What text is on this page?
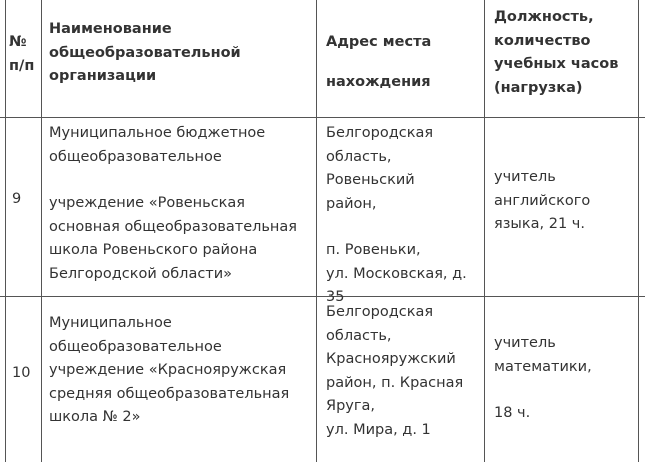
№
п/п
Наименование
общеобразовательной
организации
Адрес места
нахождения
Должность,
количество
учебных часов
(нагрузка)
9
Муниципальное бюджетное
общеобразовательное
учреждение «Ровеньская
основная общеобразовательная
школа Ровеньского района
Белгородской области»
Белгородская
область, Ровеньский
район,
п. Ровеньки,
ул. Московская, д.
35
учитель
английского
языка, 21 ч.
10
Муниципальное
общеобразовательное
учреждение «Краснояружская
средняя общеобразовательная
школа № 2»
Белгородская
область,
Краснояружский
район, п. Красная
Яруга,
ул. Мира, д. 1
учитель
математики,
18 ч.
